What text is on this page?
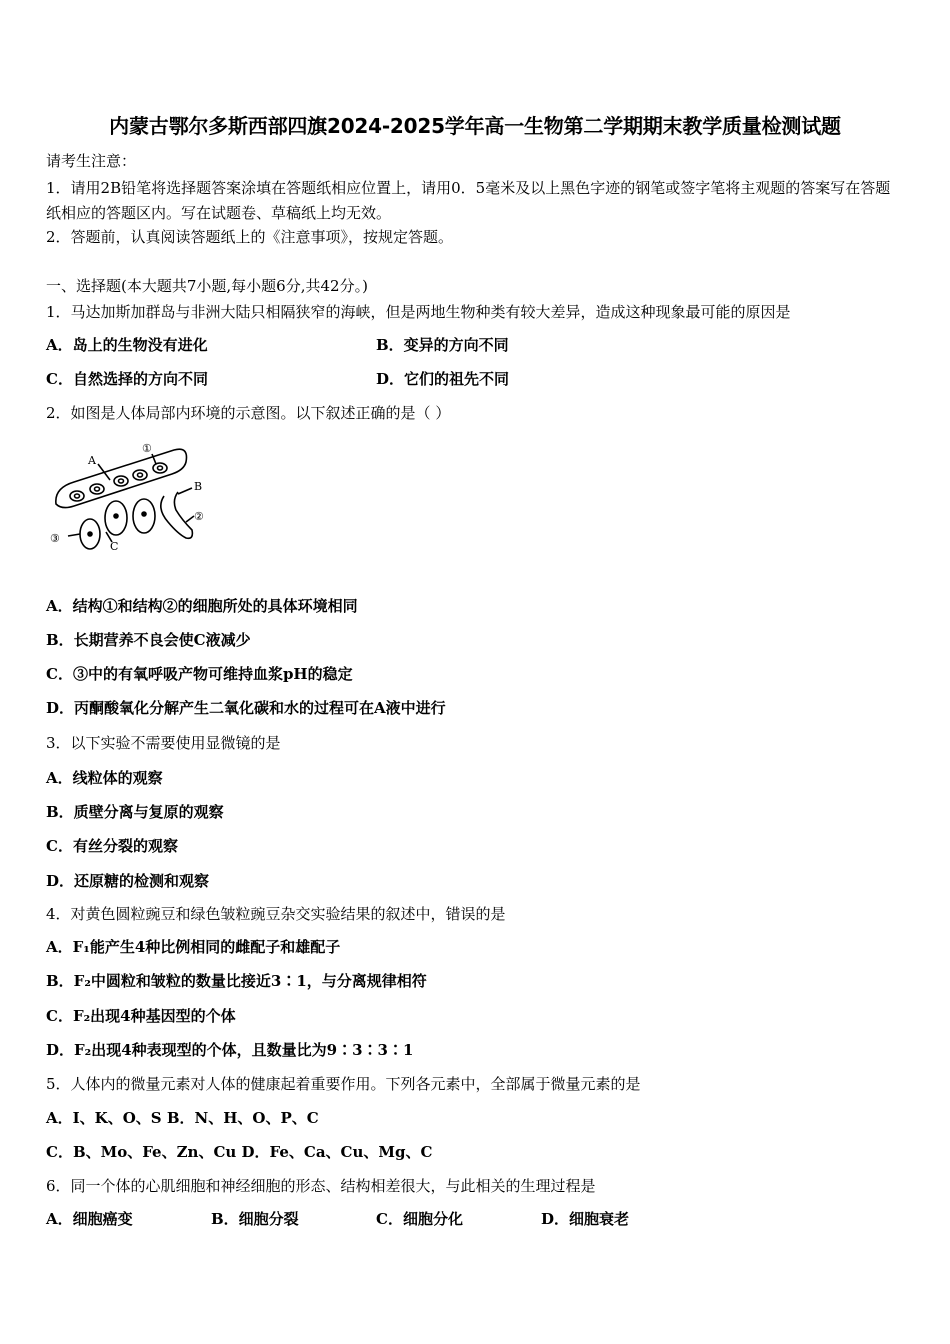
内蒙古鄂尔多斯西部四旗2024-2025学年高一生物第二学期期末教学质量检测试题
请考生注意：
1．请用2B铅笔将选择题答案涂填在答题纸相应位置上，请用0．5毫米及以上黑色字迹的钢笔或签字笔将主观题的答案写在答题纸相应的答题区内。写在试题卷、草稿纸上均无效。
2．答题前，认真阅读答题纸上的《注意事项》，按规定答题。
一、选择题(本大题共7小题,每小题6分,共42分。)
1．马达加斯加群岛与非洲大陆只相隔狭窄的海峡，但是两地生物种类有较大差异，造成这种现象最可能的原因是
A．岛上的生物没有进化	B．变异的方向不同
C．自然选择的方向不同	D．它们的祖先不同
2．如图是人体局部内环境的示意图。以下叙述正确的是（ ）
A
①
B
②
③
C
A．结构①和结构②的细胞所处的具体环境相同
B．长期营养不良会使C液减少
C．③中的有氧呼吸产物可维持血浆pH的稳定
D．丙酮酸氧化分解产生二氧化碳和水的过程可在A液中进行
3．以下实验不需要使用显微镜的是
A．线粒体的观察
B．质壁分离与复原的观察
C．有丝分裂的观察
D．还原糖的检测和观察
4．对黄色圆粒豌豆和绿色皱粒豌豆杂交实验结果的叙述中，错误的是
A．F₁能产生4种比例相同的雌配子和雄配子
B．F₂中圆粒和皱粒的数量比接近3∶1，与分离规律相符
C．F₂出现4种基因型的个体
D．F₂出现4种表现型的个体，且数量比为9∶3∶3∶1
5．人体内的微量元素对人体的健康起着重要作用。下列各元素中，全部属于微量元素的是
A．I、K、O、S B．N、H、O、P、C
C．B、Mo、Fe、Zn、Cu D．Fe、Ca、Cu、Mg、C
6．同一个体的心肌细胞和神经细胞的形态、结构相差很大，与此相关的生理过程是
A．细胞癌变	B．细胞分裂	C．细胞分化	D．细胞衰老
